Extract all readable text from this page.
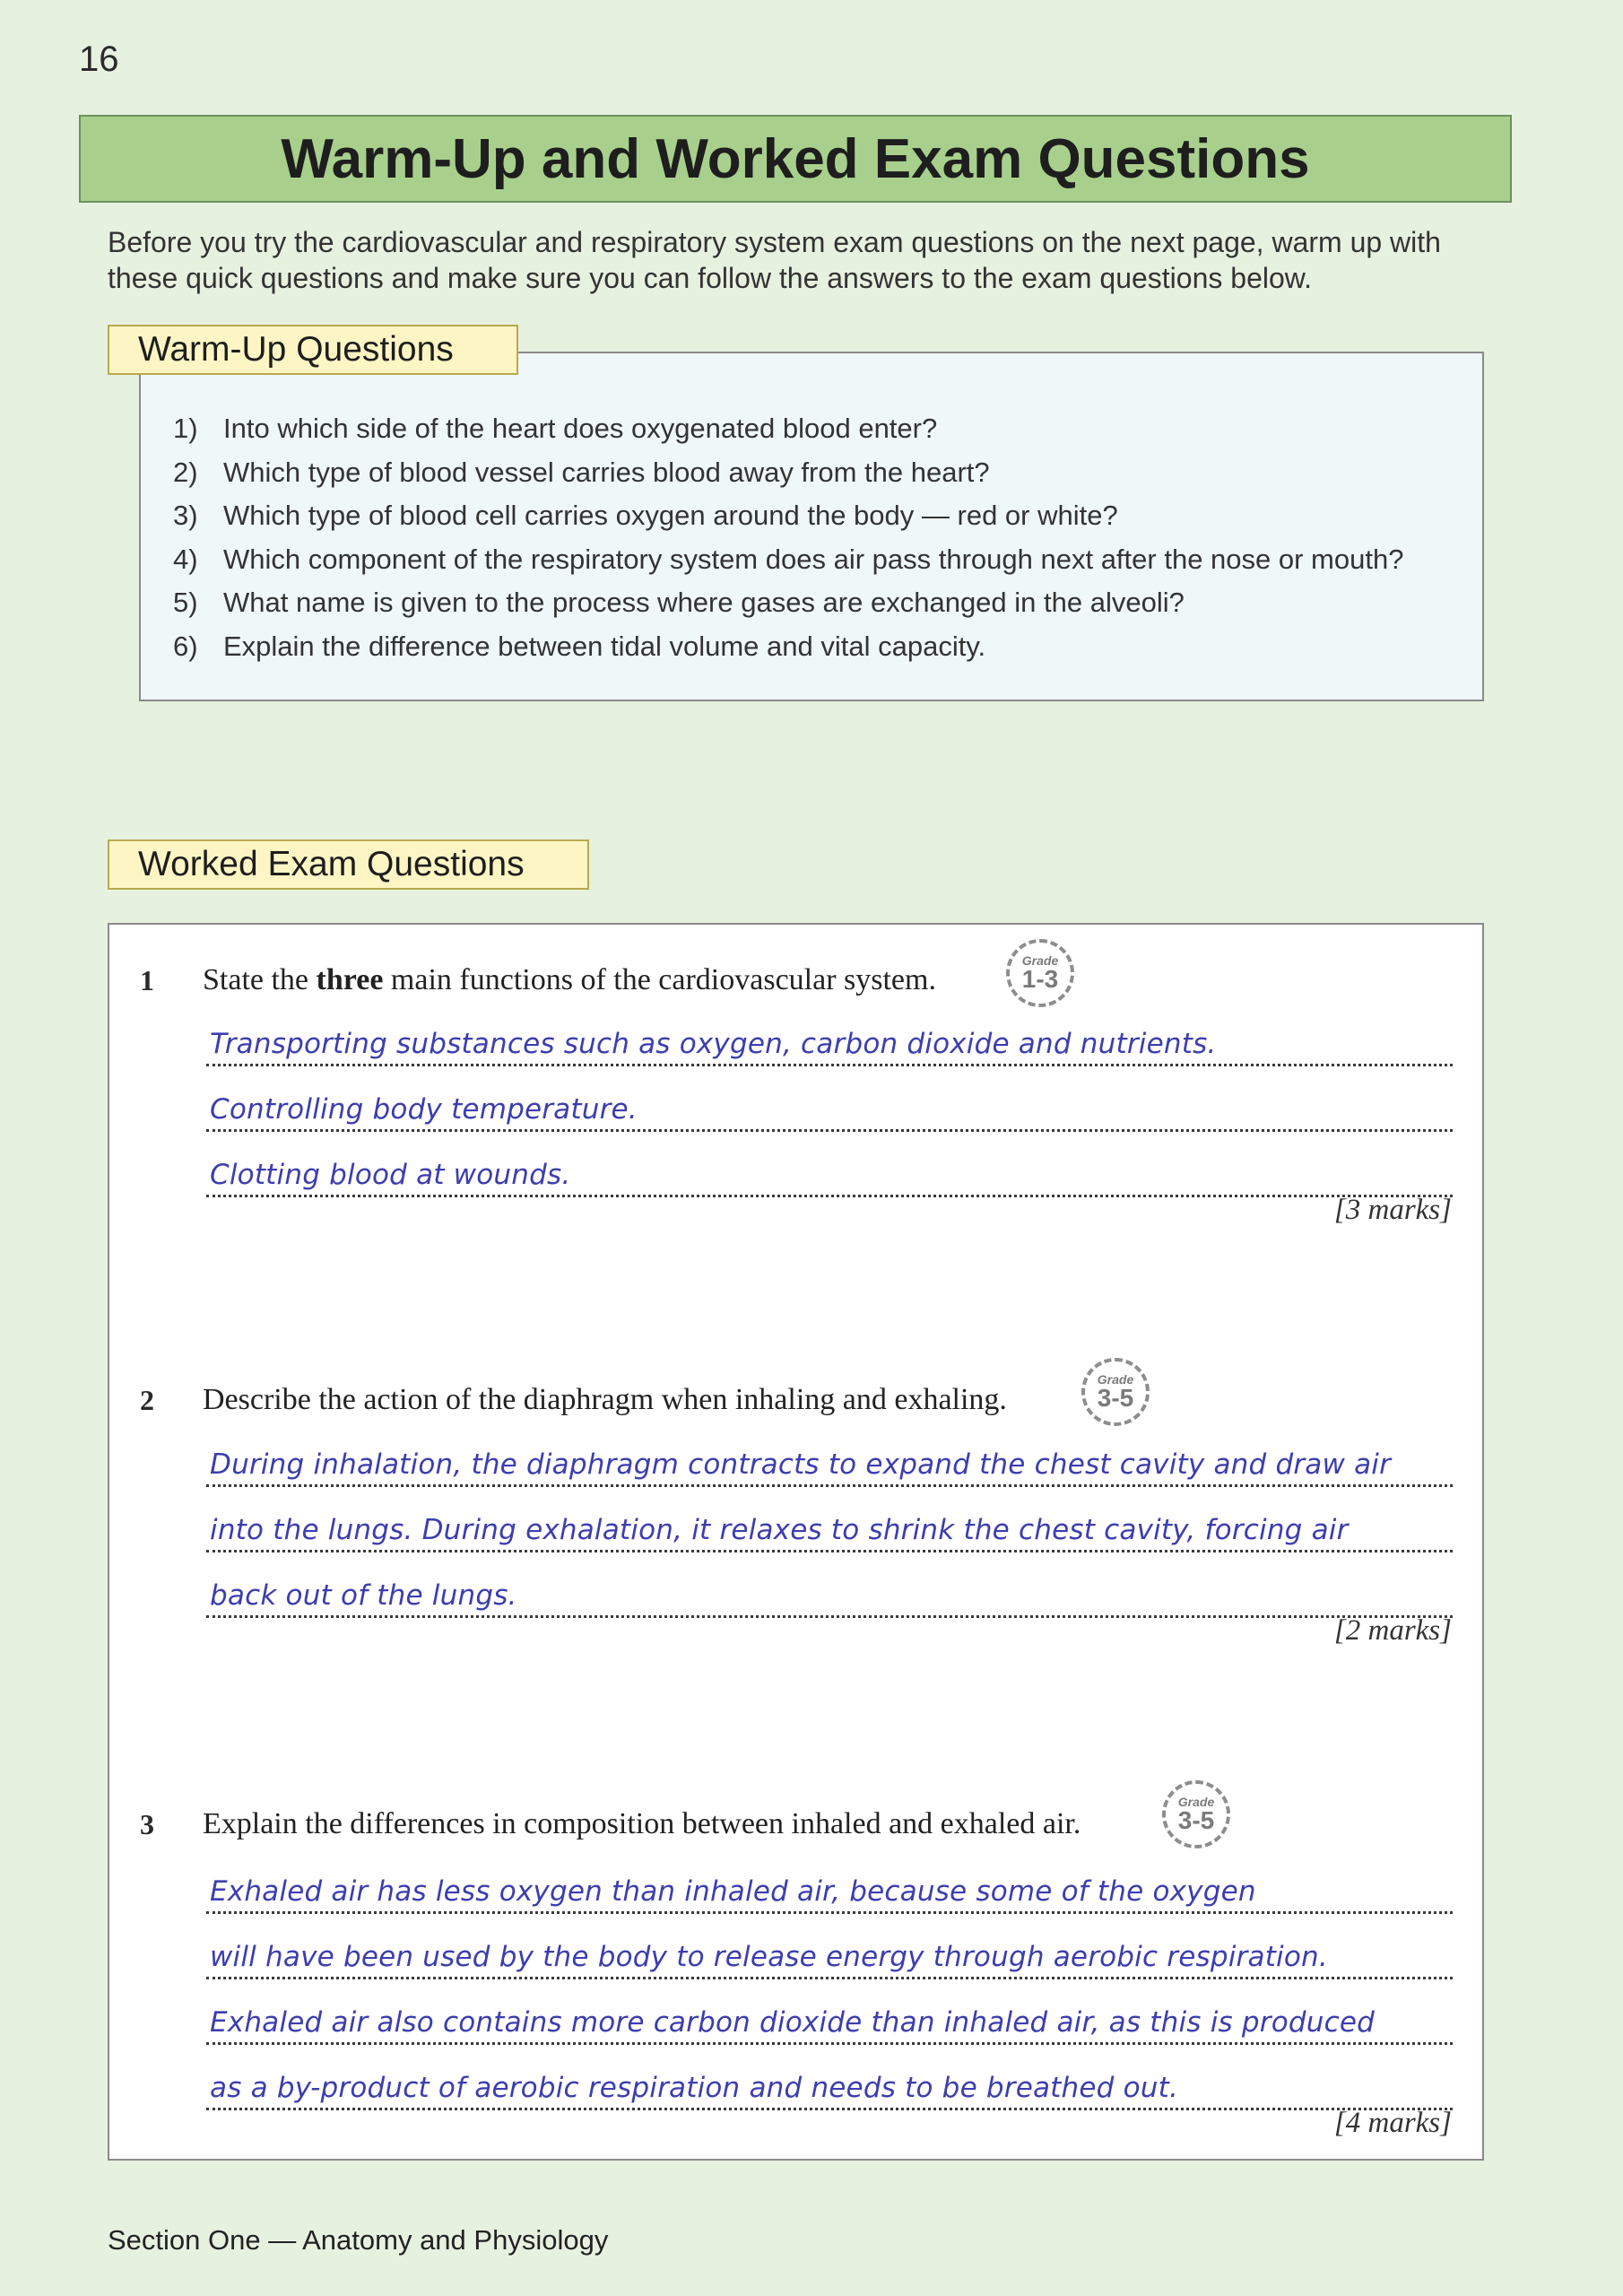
16
Warm-Up and Worked Exam Questions
Before you try the cardiovascular and respiratory system exam questions on the next page, warm up with these quick questions and make sure you can follow the answers to the exam questions below.
Warm-Up Questions
1) Into which side of the heart does oxygenated blood enter?
2) Which type of blood vessel carries blood away from the heart?
3) Which type of blood cell carries oxygen around the body — red or white?
4) Which component of the respiratory system does air pass through next after the nose or mouth?
5) What name is given to the process where gases are exchanged in the alveoli?
6) Explain the difference between tidal volume and vital capacity.
Worked Exam Questions
1 State the three main functions of the cardiovascular system.
Transporting substances such as oxygen, carbon dioxide and nutrients.
Controlling body temperature.
Clotting blood at wounds.
[3 marks]
2 Describe the action of the diaphragm when inhaling and exhaling.
During inhalation, the diaphragm contracts to expand the chest cavity and draw air
into the lungs. During exhalation, it relaxes to shrink the chest cavity, forcing air
back out of the lungs.
[2 marks]
3 Explain the differences in composition between inhaled and exhaled air.
Exhaled air has less oxygen than inhaled air, because some of the oxygen
will have been used by the body to release energy through aerobic respiration.
Exhaled air also contains more carbon dioxide than inhaled air, as this is produced
as a by-product of aerobic respiration and needs to be breathed out.
[4 marks]
Grade
1-3
Grade
3-5
Grade
3-5
Section One — Anatomy and Physiology
